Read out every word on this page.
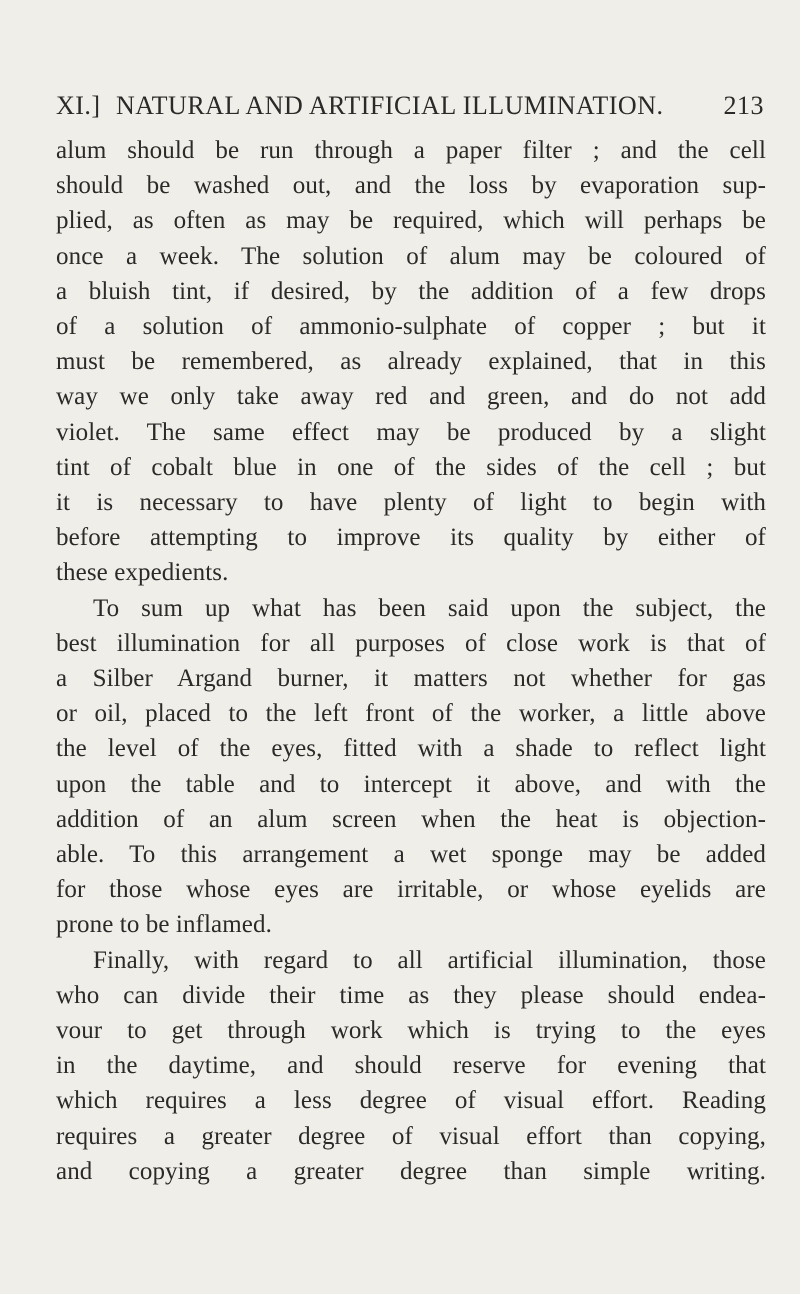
XI.] NATURAL AND ARTIFICIAL ILLUMINATION. 213
alum should be run through a paper filter ; and the cell
should be washed out, and the loss by evaporation sup-
plied, as often as may be required, which will perhaps be
once a week. The solution of alum may be coloured of
a bluish tint, if desired, by the addition of a few drops
of a solution of ammonio-sulphate of copper ; but it
must be remembered, as already explained, that in this
way we only take away red and green, and do not add
violet. The same effect may be produced by a slight
tint of cobalt blue in one of the sides of the cell ; but
it is necessary to have plenty of light to begin with
before attempting to improve its quality by either of
these expedients.
To sum up what has been said upon the subject, the
best illumination for all purposes of close work is that of
a Silber Argand burner, it matters not whether for gas
or oil, placed to the left front of the worker, a little above
the level of the eyes, fitted with a shade to reflect light
upon the table and to intercept it above, and with the
addition of an alum screen when the heat is objection-
able. To this arrangement a wet sponge may be added
for those whose eyes are irritable, or whose eyelids are
prone to be inflamed.
Finally, with regard to all artificial illumination, those
who can divide their time as they please should endea-
vour to get through work which is trying to the eyes
in the daytime, and should reserve for evening that
which requires a less degree of visual effort. Reading
requires a greater degree of visual effort than copying,
and copying a greater degree than simple writing.
